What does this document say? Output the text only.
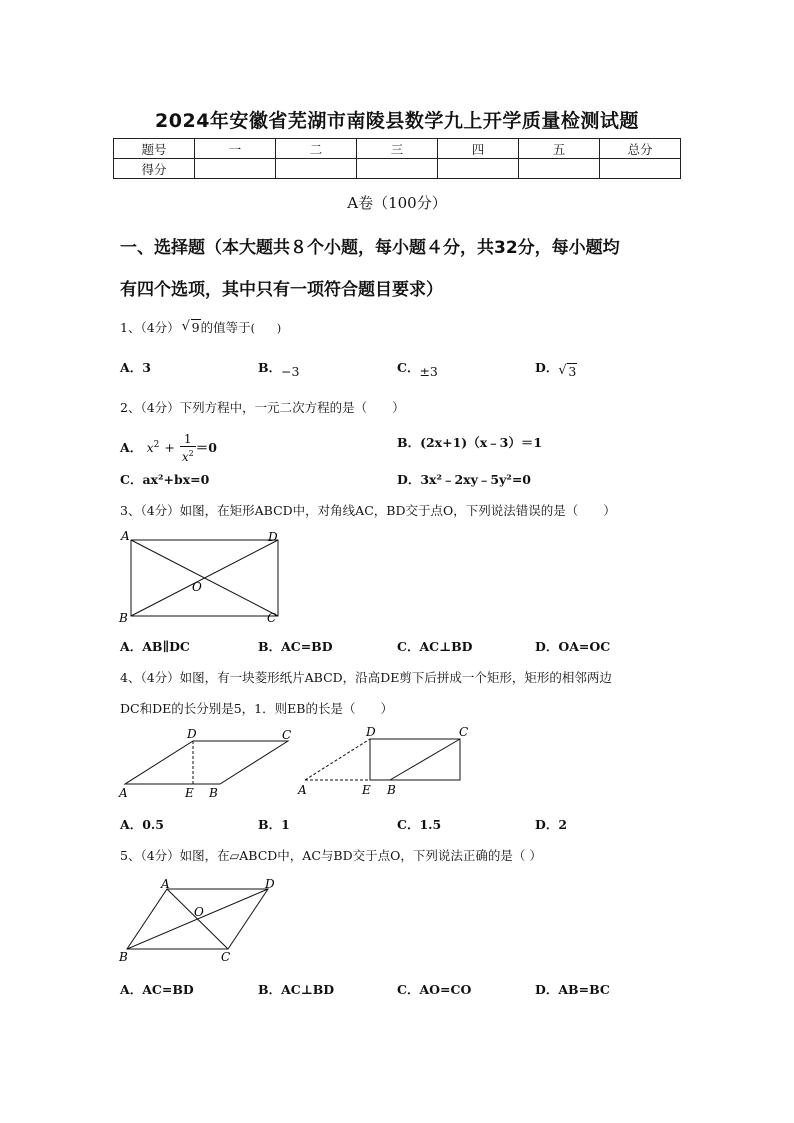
2024年安徽省芜湖市南陵县数学九上开学质量检测试题
题号	一	二	三	四	五	总分
得分						
A卷（100分）
一、选择题（本大题共８个小题，每小题４分，共32分，每小题均
有四个选项，其中只有一项符合题目要求）
1、（4分） √ 9的值等于(　　)
A．3	B．−3	C．±3	D． √ 3
2、（4分）下列方程中，一元二次方程的是（　　）
A． $x^2 + \frac{1}{x^2} =0$	B．(2x+1)（x﹣3）＝1
C．ax²+bx=0	D．3x²﹣2xy﹣5y²=0
3、（4分）如图，在矩形ABCD中，对角线AC，BD交于点O，下列说法错误的是（　　）
A	D
O
B	C
A．AB∥DC	B．AC=BD	C．AC⊥BD	D．OA=OC
4、（4分）如图，有一块菱形纸片ABCD，沿高DE剪下后拼成一个矩形，矩形的相邻两边
DC和DE的长分别是5，1．则EB的长是（　　）
D	C
A	E B
D	C
A	E B
A．0.5	B．1	C．1.5	D．2
5、（4分）如图，在▱ABCD中，AC与BD交于点O，下列说法正确的是（ ）
A	D
O
B	C
A．AC=BD	B．AC⊥BD	C．AO=CO	D．AB=BC
